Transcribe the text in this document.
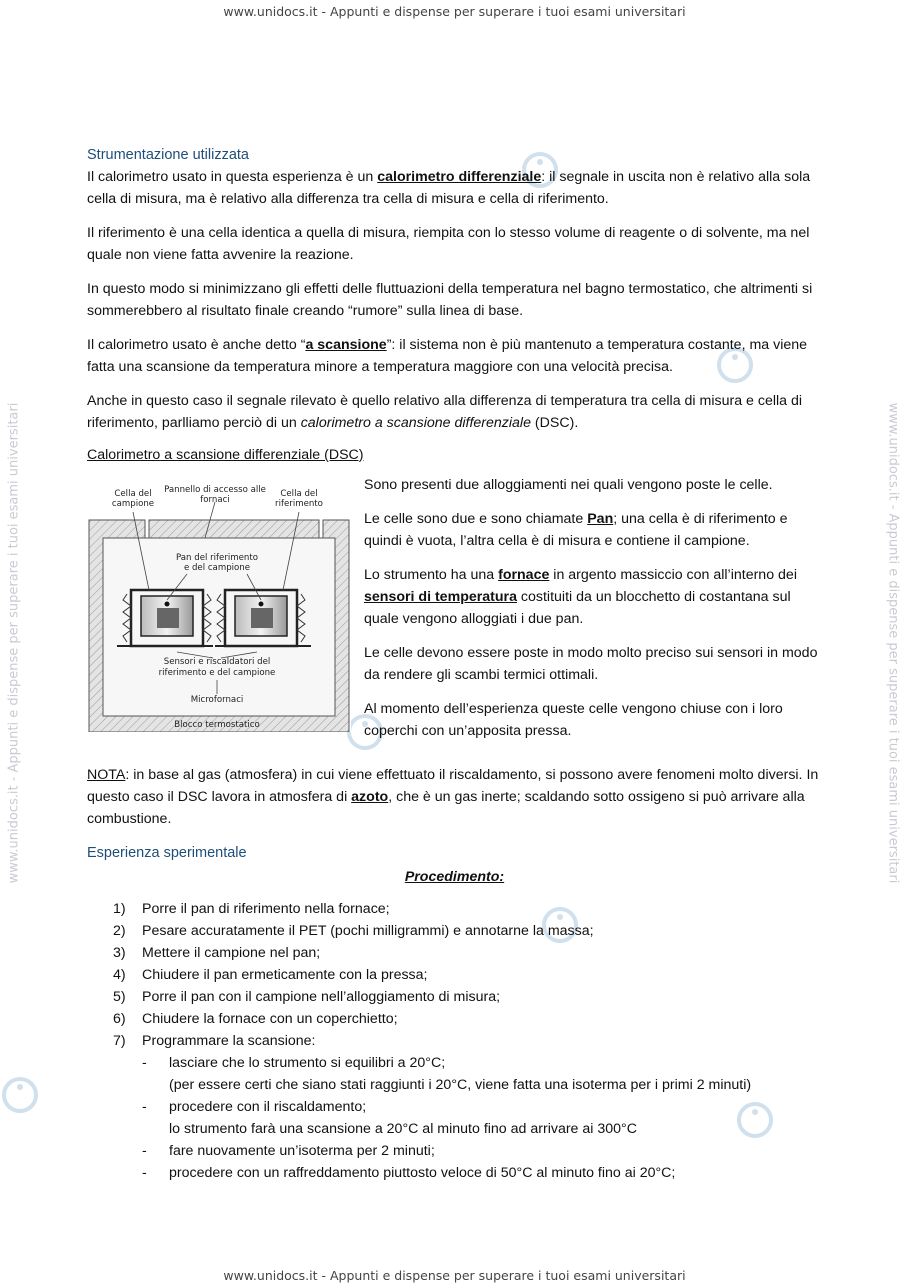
www.unidocs.it - Appunti e dispense per superare i tuoi esami universitari
www.unidocs.it - Appunti e dispense per superare i tuoi esami universitari
www.unidocs.it - Appunti e dispense per superare i tuoi esami universitari	www.unidocs.it - Appunti e dispense per superare i tuoi esami universitari
Strumentazione utilizzata

Il calorimetro usato in questa esperienza è un calorimetro differenziale: il segnale in uscita non è relativo alla sola cella di misura, ma è relativo alla differenza tra cella di misura e cella di riferimento.

Il riferimento è una cella identica a quella di misura, riempita con lo stesso volume di reagente o di solvente, ma nel quale non viene fatta avvenire la reazione.

In questo modo si minimizzano gli effetti delle fluttuazioni della temperatura nel bagno termostatico, che altrimenti si sommerebbero al risultato finale creando “rumore” sulla linea di base.

Il calorimetro usato è anche detto “a scansione”: il sistema non è più mantenuto a temperatura costante, ma viene fatta una scansione da temperatura minore a temperatura maggiore con una velocità precisa.

Anche in questo caso il segnale rilevato è quello relativo alla differenza di temperatura tra cella di misura e cella di riferimento, parlliamo perciò di un calorimetro a scansione differenziale (DSC).

Calorimetro a scansione differenziale (DSC)
Cella del
campione
Pannello di accesso alle
fornaci
Cella del
riferimento
Pan del riferimento
e del campione
Sensori e riscaldatori del
riferimento e del campione
Microfornaci
Blocco termostatico

Sono presenti due alloggiamenti nei quali vengono poste le celle.

Le celle sono due e sono chiamate Pan; una cella è di riferimento e quindi è vuota, l’altra cella è di misura e contiene il campione.

Lo strumento ha una fornace in argento massiccio con all’interno dei sensori di temperatura costituiti da un blocchetto di costantana sul quale vengono alloggiati i due pan.

Le celle devono essere poste in modo molto preciso sui sensori in modo da rendere gli scambi termici ottimali.

Al momento dell’esperienza queste celle vengono chiuse con i loro coperchi con un’apposita pressa.

NOTA: in base al gas (atmosfera) in cui viene effettuato il riscaldamento, si possono avere fenomeni molto diversi. In questo caso il DSC lavora in atmosfera di azoto, che è un gas inerte; scaldando sotto ossigeno si può arrivare alla combustione.

Esperienza sperimentale
Procedimento:
1)	Porre il pan di riferimento nella fornace;
2)	Pesare accuratamente il PET (pochi milligrammi) e annotarne la massa;
3)	Mettere il campione nel pan;
4)	Chiudere il pan ermeticamente con la pressa;
5)	Porre il pan con il campione nell’alloggiamento di misura;
6)	Chiudere la fornace con un coperchietto;
7)	Programmare la scansione:
-	lasciare che lo strumento si equilibri a 20°C;
(per essere certi che siano stati raggiunti i 20°C, viene fatta una isoterma per i primi 2 minuti)
-	procedere con il riscaldamento;
lo strumento farà una scansione a 20°C al minuto fino ad arrivare ai 300°C
-	fare nuovamente un’isoterma per 2 minuti;
-	procedere con un raffreddamento piuttosto veloce di 50°C al minuto fino ai 20°C;
